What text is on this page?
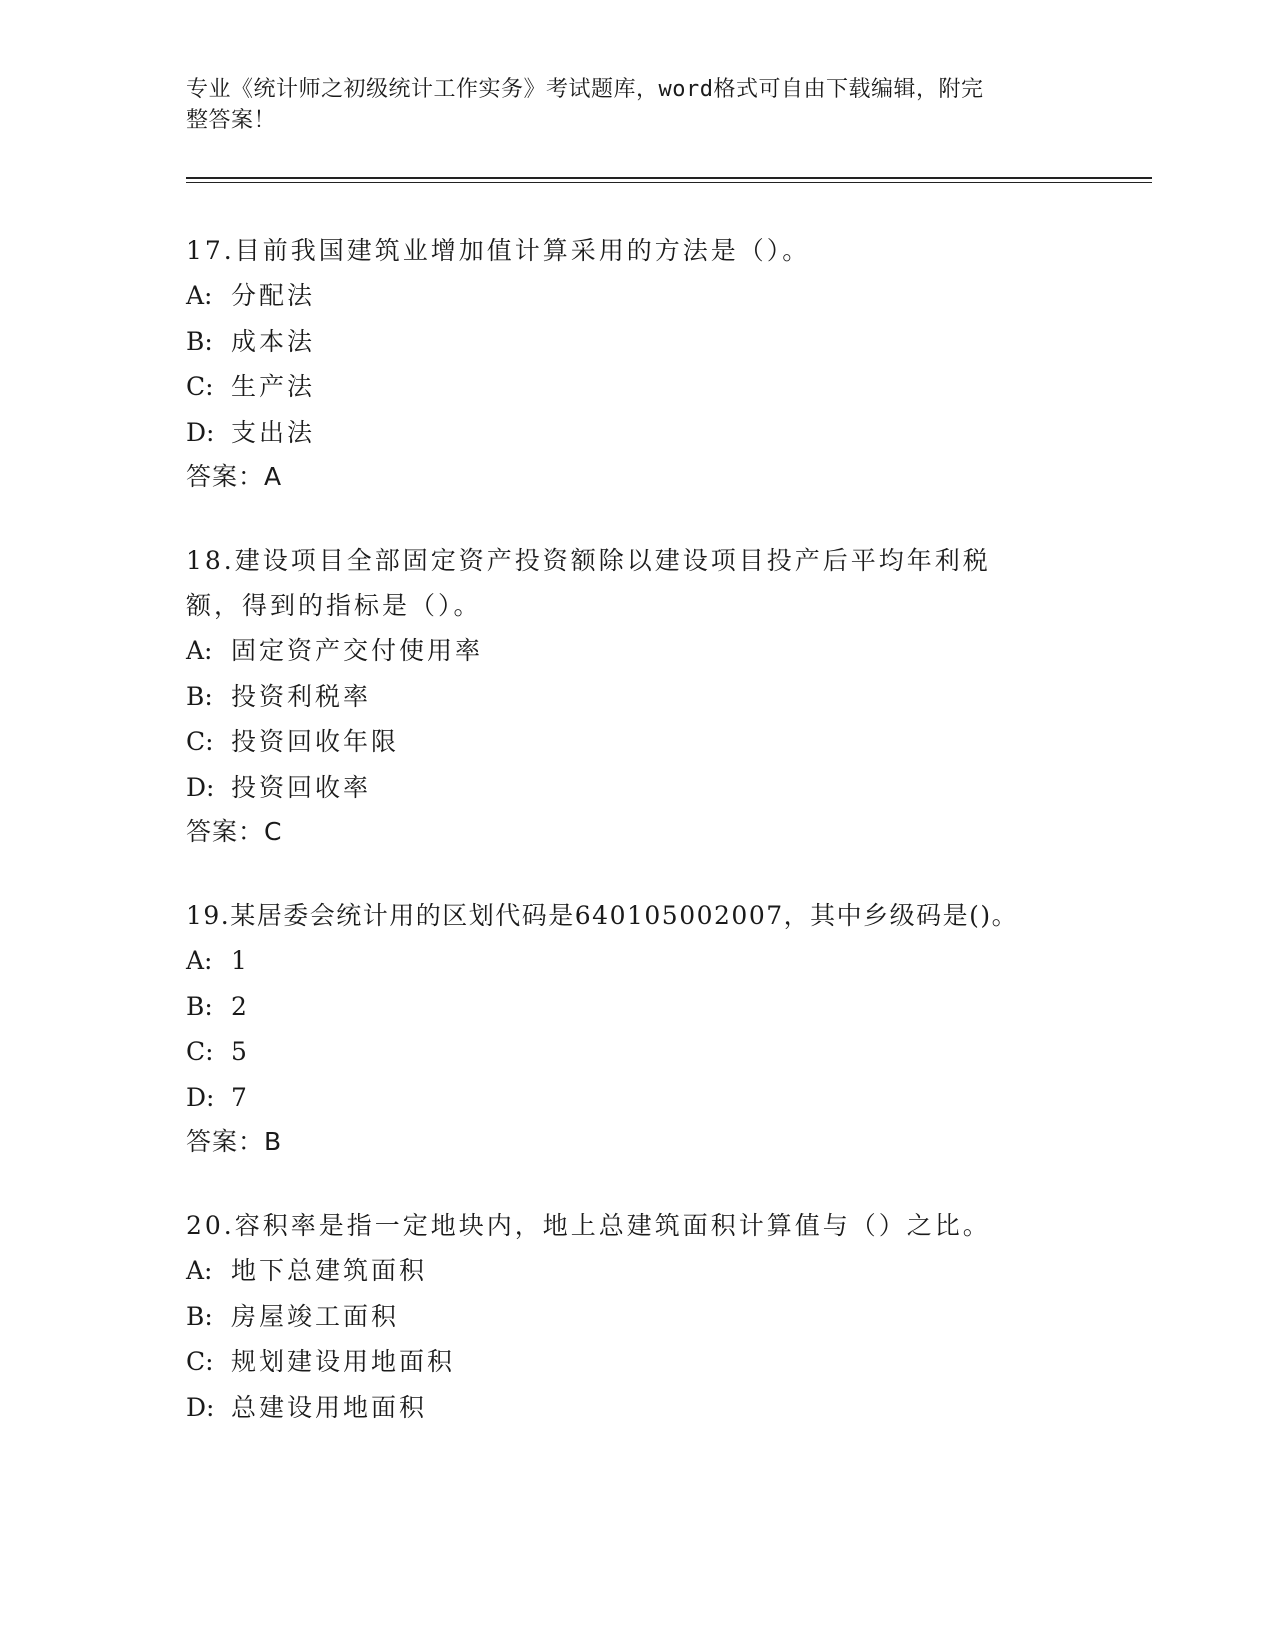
专业《统计师之初级统计工作实务》考试题库，word格式可自由下载编辑，附完
整答案！
17.目前我国建筑业增加值计算采用的方法是（）。
A: 分配法
B: 成本法
C: 生产法
D: 支出法
答案：A
18.建设项目全部固定资产投资额除以建设项目投产后平均年利税额，得到的指标是（）。
A: 固定资产交付使用率
B: 投资利税率
C: 投资回收年限
D: 投资回收率
答案：C
19.某居委会统计用的区划代码是640105002007，其中乡级码是()。
A: 1
B: 2
C: 5
D: 7
答案：B
20.容积率是指一定地块内，地上总建筑面积计算值与（）之比。
A: 地下总建筑面积
B: 房屋竣工面积
C: 规划建设用地面积
D: 总建设用地面积
